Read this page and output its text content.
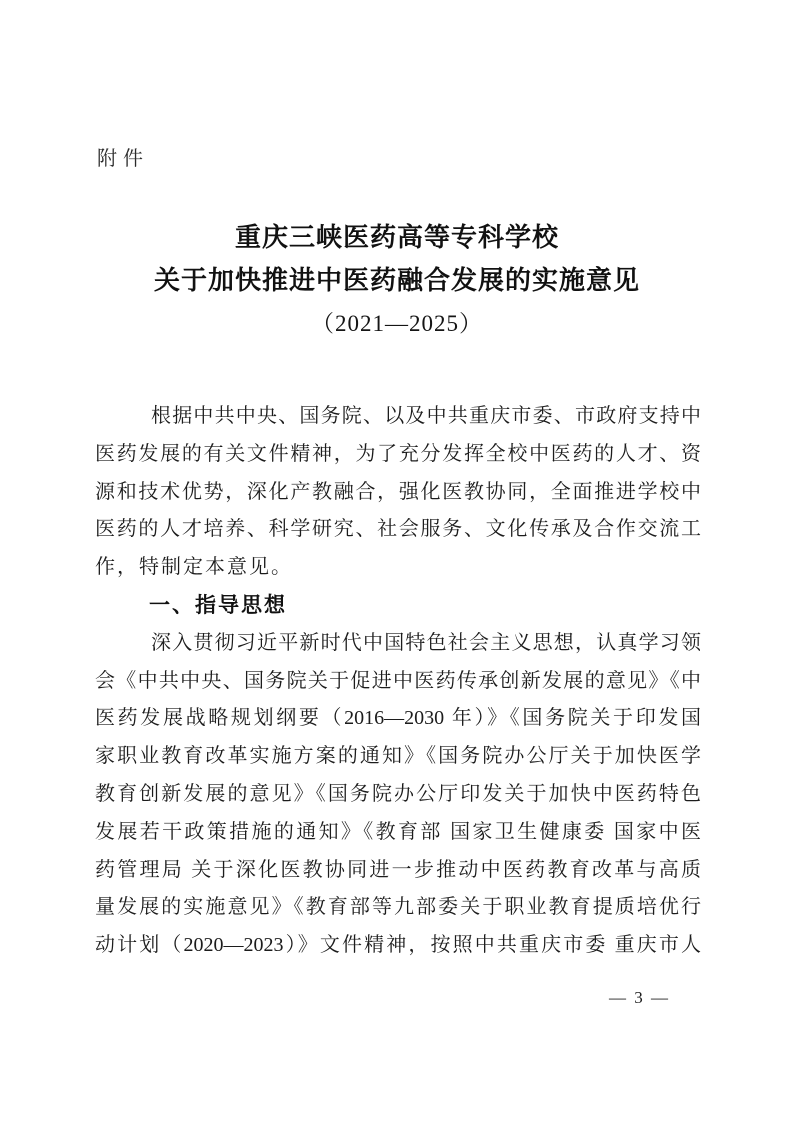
附件
重庆三峡医药高等专科学校
关于加快推进中医药融合发展的实施意见
（2021—2025）
根据中共中央、国务院、以及中共重庆市委、市政府支持中
医药发展的有关文件精神，为了充分发挥全校中医药的人才、资
源和技术优势，深化产教融合，强化医教协同，全面推进学校中
医药的人才培养、科学研究、社会服务、文化传承及合作交流工
作，特制定本意见。
一、指导思想
深入贯彻习近平新时代中国特色社会主义思想，认真学习领
会《中共中央、国务院关于促进中医药传承创新发展的意见》《中
医药发展战略规划纲要（2016—2030 年）》《国务院关于印发国
家职业教育改革实施方案的通知》《国务院办公厅关于加快医学
教育创新发展的意见》《国务院办公厅印发关于加快中医药特色
发展若干政策措施的通知》《教育部 国家卫生健康委 国家中医
药管理局 关于深化医教协同进一步推动中医药教育改革与高质
量发展的实施意见》《教育部等九部委关于职业教育提质培优行
动计划（2020—2023）》文件精神，按照中共重庆市委 重庆市人
— 3 —
